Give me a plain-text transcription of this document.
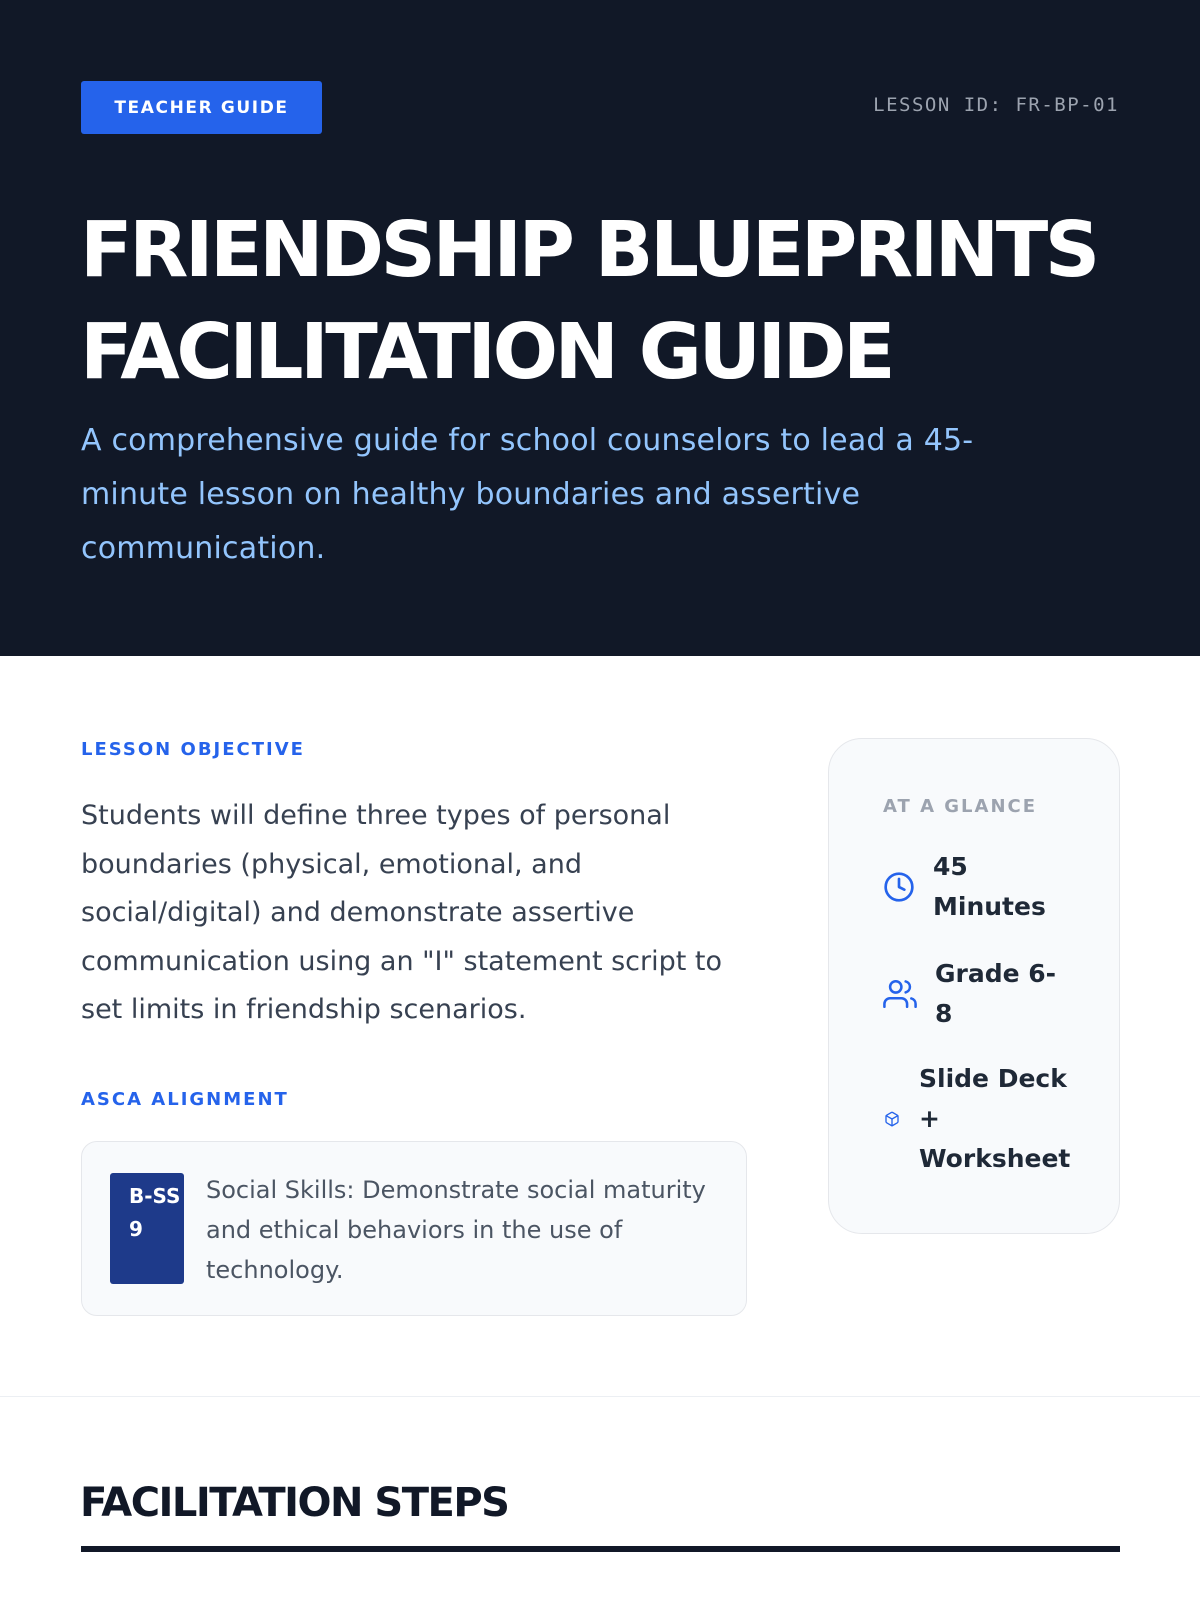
TEACHER GUIDE	LESSON ID: FR-BP-01
FRIENDSHIP BLUEPRINTS FACILITATION GUIDE

A comprehensive guide for school counselors to lead a 45-minute lesson on healthy boundaries and assertive communication.

LESSON OBJECTIVE

Students will define three types of personal boundaries (physical, emotional, and social/digital) and demonstrate assertive communication using an "I" statement script to set limits in friendship scenarios.

ASCA ALIGNMENT
B-SS 9

Social Skills: Demonstrate social maturity and ethical behaviors in the use of technology.

AT A GLANCE
45 Minutes
Grade 6-8
Slide Deck + Worksheet
FACILITATION STEPS
